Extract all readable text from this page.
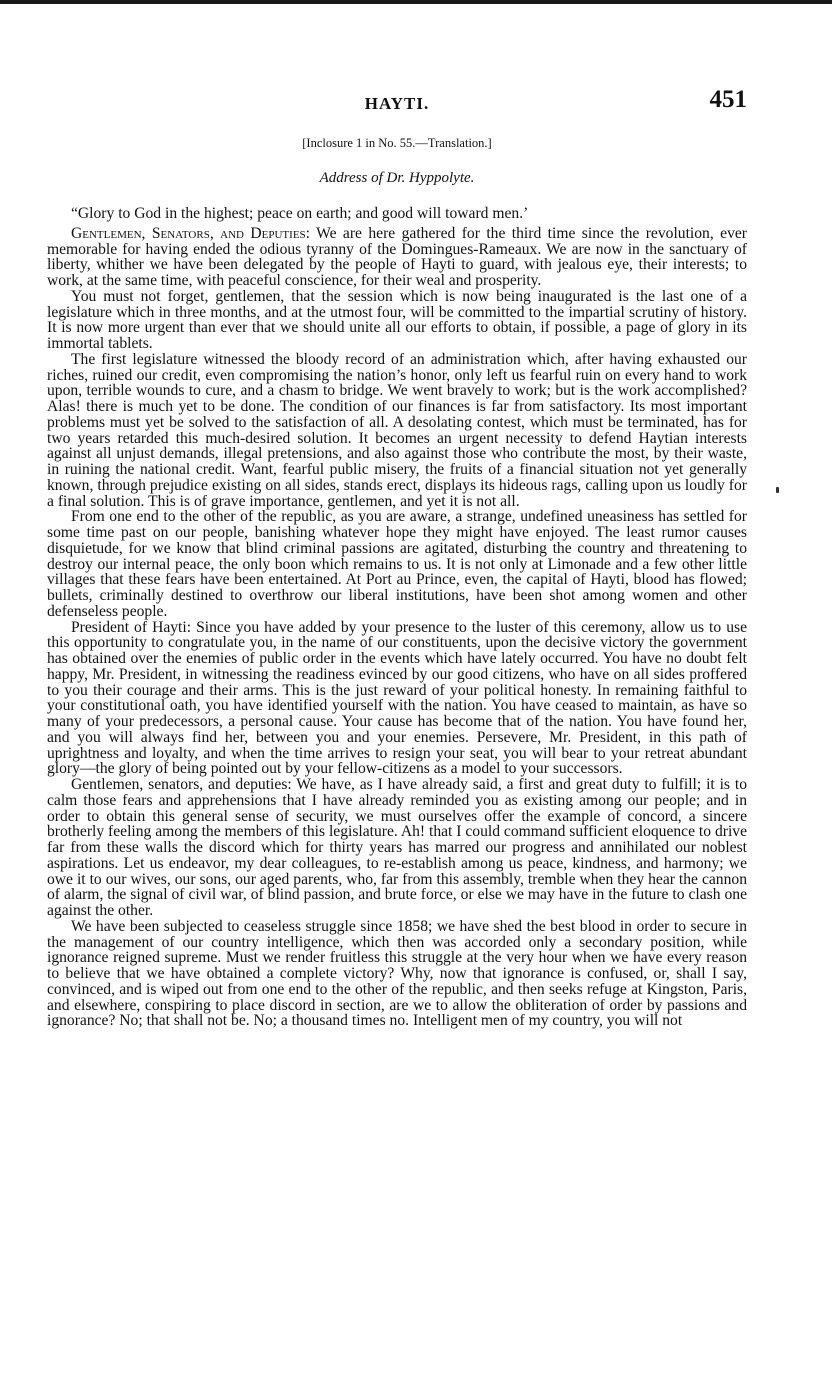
HAYTI.	451
[Inclosure 1 in No. 55.—Translation.]
Address of Dr. Hyppolyte.

“Glory to God in the highest; peace on earth; and good will toward men.’

Gentlemen, Senators, and Deputies: We are here gathered for the third time since the revolution, ever memorable for having ended the odious tyranny of the Domingues-Rameaux. We are now in the sanctuary of liberty, whither we have been delegated by the people of Hayti to guard, with jealous eye, their interests; to work, at the same time, with peaceful conscience, for their weal and prosperity.

You must not forget, gentlemen, that the session which is now being inaugurated is the last one of a legislature which in three months, and at the utmost four, will be committed to the impartial scrutiny of history. It is now more urgent than ever that we should unite all our efforts to obtain, if possible, a page of glory in its immortal tablets.

The first legislature witnessed the bloody record of an administration which, after having exhausted our riches, ruined our credit, even compromising the nation’s honor, only left us fearful ruin on every hand to work upon, terrible wounds to cure, and a chasm to bridge. We went bravely to work; but is the work accomplished? Alas! there is much yet to be done. The condition of our finances is far from satisfactory. Its most important problems must yet be solved to the satisfaction of all. A desolating contest, which must be terminated, has for two years retarded this much-desired solution. It becomes an urgent necessity to defend Haytian interests against all unjust demands, illegal pretensions, and also against those who contribute the most, by their waste, in ruining the national credit. Want, fearful public misery, the fruits of a financial situation not yet generally known, through prejudice existing on all sides, stands erect, displays its hideous rags, calling upon us loudly for a final solution. This is of grave importance, gentlemen, and yet it is not all.

From one end to the other of the republic, as you are aware, a strange, undefined uneasiness has settled for some time past on our people, banishing whatever hope they might have enjoyed. The least rumor causes disquietude, for we know that blind criminal passions are agitated, disturbing the country and threatening to destroy our internal peace, the only boon which remains to us. It is not only at Limonade and a few other little villages that these fears have been entertained. At Port au Prince, even, the capital of Hayti, blood has flowed; bullets, criminally destined to overthrow our liberal institutions, have been shot among women and other defenseless people.

President of Hayti: Since you have added by your presence to the luster of this ceremony, allow us to use this opportunity to congratulate you, in the name of our constituents, upon the decisive victory the government has obtained over the enemies of public order in the events which have lately occurred. You have no doubt felt happy, Mr. President, in witnessing the readiness evinced by our good citizens, who have on all sides proffered to you their courage and their arms. This is the just reward of your political honesty. In remaining faithful to your constitutional oath, you have identified yourself with the nation. You have ceased to maintain, as have so many of your predecessors, a personal cause. Your cause has become that of the nation. You have found her, and you will always find her, between you and your enemies. Persevere, Mr. President, in this path of uprightness and loyalty, and when the time arrives to resign your seat, you will bear to your retreat abundant glory—the glory of being pointed out by your fellow-citizens as a model to your successors.

Gentlemen, senators, and deputies: We have, as I have already said, a first and great duty to fulfill; it is to calm those fears and apprehensions that I have already reminded you as existing among our people; and in order to obtain this general sense of security, we must ourselves offer the example of concord, a sincere brotherly feeling among the members of this legislature. Ah! that I could command sufficient eloquence to drive far from these walls the discord which for thirty years has marred our progress and annihilated our noblest aspirations. Let us endeavor, my dear colleagues, to re-establish among us peace, kindness, and harmony; we owe it to our wives, our sons, our aged parents, who, far from this assembly, tremble when they hear the cannon of alarm, the signal of civil war, of blind passion, and brute force, or else we may have in the future to clash one against the other.

We have been subjected to ceaseless struggle since 1858; we have shed the best blood in order to secure in the management of our country intelligence, which then was accorded only a secondary position, while ignorance reigned supreme. Must we render fruitless this struggle at the very hour when we have every reason to believe that we have obtained a complete victory? Why, now that ignorance is confused, or, shall I say, convinced, and is wiped out from one end to the other of the republic, and then seeks refuge at Kingston, Paris, and elsewhere, conspiring to place discord in section, are we to allow the obliteration of order by passions and ignorance? No; that shall not be. No; a thousand times no. Intelligent men of my country, you will not
